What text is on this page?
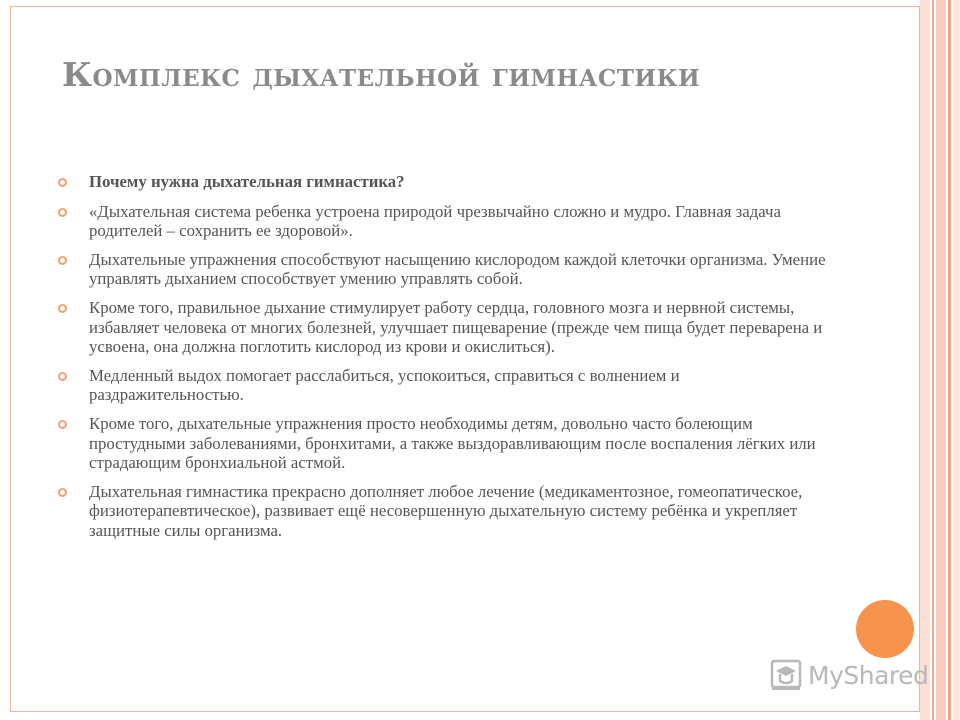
Комплекс дыхательной гимнастики
Почему нужна дыхательная гимнастика?
«Дыхательная система ребенка устроена природой чрезвычайно сложно и мудро. Главная задача родителей – сохранить ее здоровой».
Дыхательные упражнения способствуют насыщению кислородом каждой клеточки организма. Умение управлять дыханием способствует умению управлять собой.
Кроме того, правильное дыхание стимулирует работу сердца, головного мозга и нервной системы, избавляет человека от многих болезней, улучшает пищеварение (прежде чем пища будет переварена и усвоена, она должна поглотить кислород из крови и окислиться).
Медленный выдох помогает расслабиться, успокоиться, справиться с волнением и раздражительностью.
Кроме того, дыхательные упражнения просто необходимы детям, довольно часто болеющим простудными заболеваниями, бронхитами, а также выздоравливающим после воспаления лёгких или страдающим бронхиальной астмой.
Дыхательная гимнастика прекрасно дополняет любое лечение (медикаментозное, гомеопатическое, физиотерапевтическое), развивает ещё несовершенную дыхательную систему ребёнка и укрепляет защитные силы организма.
MyShared
